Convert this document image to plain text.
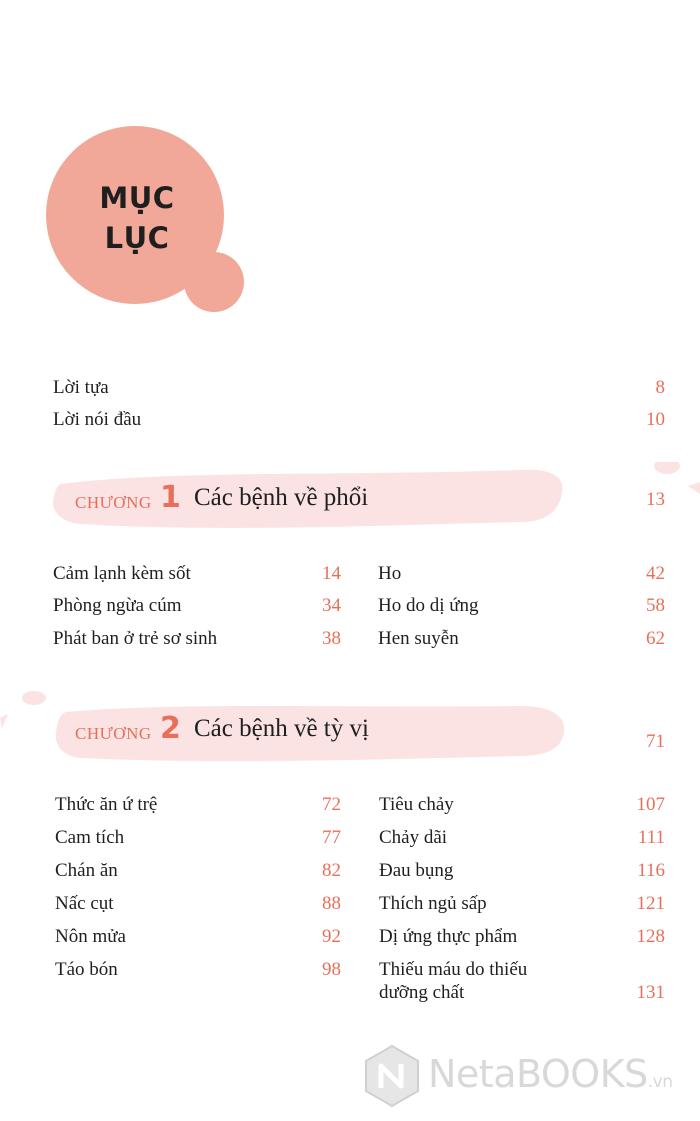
MỤC
LỤC
Lời tựa	8
Lời nói đầu	10
CHƯƠNG 1 Các bệnh về phổi	13
Cảm lạnh kèm sốt	14
Phòng ngừa cúm	34
Phát ban ở trẻ sơ sinh	38
Ho	42
Ho do dị ứng	58
Hen suyễn	62
CHƯƠNG 2 Các bệnh về tỳ vị	71
Thức ăn ứ trệ	72
Cam tích	77
Chán ăn	82
Nấc cụt	88
Nôn mửa	92
Táo bón	98
Tiêu chảy	107
Chảy dãi	111
Đau bụng	116
Thích ngủ sấp	121
Dị ứng thực phẩm	128
Thiếu máu do thiếu
dưỡng chất	131
NetaBOOKS.vn
